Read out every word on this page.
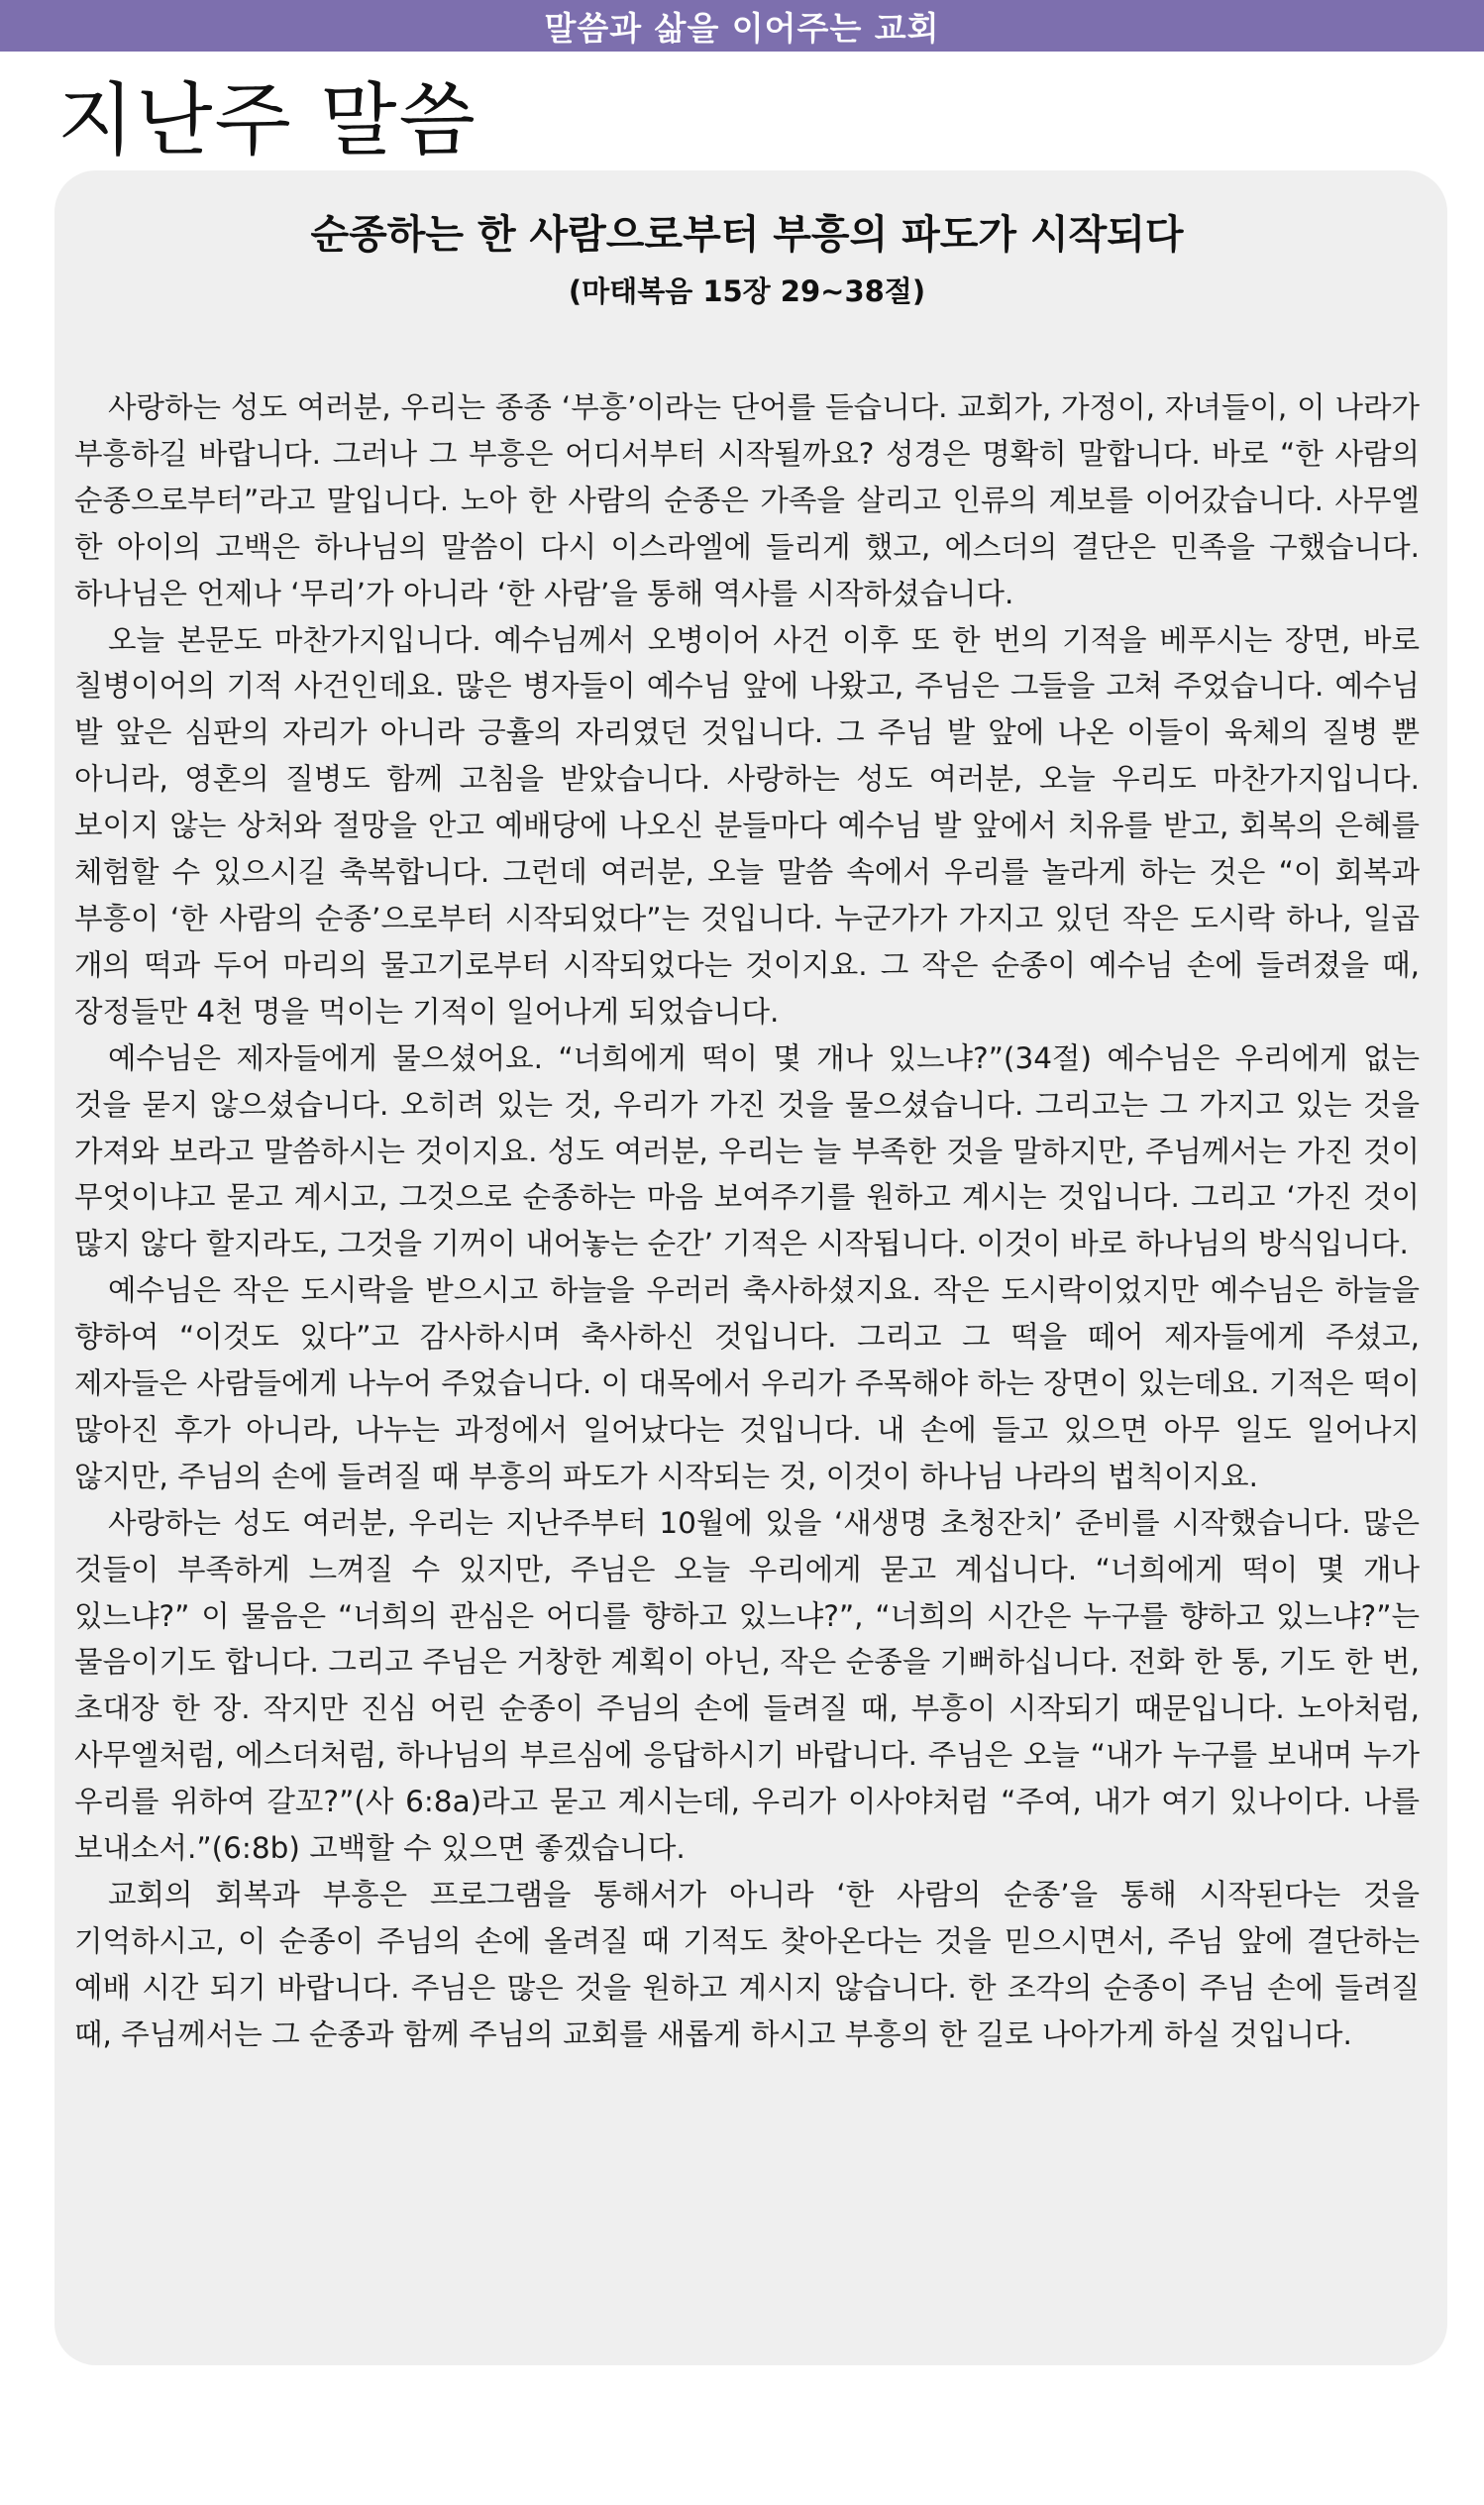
말씀과 삶을 이어주는 교회
지난주 말씀
순종하는 한 사람으로부터 부흥의 파도가 시작되다
(마태복음 15장 29~38절)

사랑하는 성도 여러분, 우리는 종종 ‘부흥’이라는 단어를 듣습니다. 교회가, 가정이, 자녀들이, 이 나라가 부흥하길 바랍니다. 그러나 그 부흥은 어디서부터 시작될까요? 성경은 명확히 말합니다. 바로 “한 사람의 순종으로부터”라고 말입니다. 노아 한 사람의 순종은 가족을 살리고 인류의 계보를 이어갔습니다. 사무엘 한 아이의 고백은 하나님의 말씀이 다시 이스라엘에 들리게 했고, 에스더의 결단은 민족을 구했습니다. 하나님은 언제나 ‘무리’가 아니라 ‘한 사람’을 통해 역사를 시작하셨습니다.

오늘 본문도 마찬가지입니다. 예수님께서 오병이어 사건 이후 또 한 번의 기적을 베푸시는 장면, 바로 칠병이어의 기적 사건인데요. 많은 병자들이 예수님 앞에 나왔고, 주님은 그들을 고쳐 주었습니다. 예수님 발 앞은 심판의 자리가 아니라 긍휼의 자리였던 것입니다. 그 주님 발 앞에 나온 이들이 육체의 질병 뿐 아니라, 영혼의 질병도 함께 고침을 받았습니다. 사랑하는 성도 여러분, 오늘 우리도 마찬가지입니다. 보이지 않는 상처와 절망을 안고 예배당에 나오신 분들마다 예수님 발 앞에서 치유를 받고, 회복의 은혜를 체험할 수 있으시길 축복합니다. 그런데 여러분, 오늘 말씀 속에서 우리를 놀라게 하는 것은 “이 회복과 부흥이 ‘한 사람의 순종’으로부터 시작되었다”는 것입니다. 누군가가 가지고 있던 작은 도시락 하나, 일곱 개의 떡과 두어 마리의 물고기로부터 시작되었다는 것이지요. 그 작은 순종이 예수님 손에 들려졌을 때, 장정들만 4천 명을 먹이는 기적이 일어나게 되었습니다.

예수님은 제자들에게 물으셨어요. “너희에게 떡이 몇 개나 있느냐?”(34절) 예수님은 우리에게 없는 것을 묻지 않으셨습니다. 오히려 있는 것, 우리가 가진 것을 물으셨습니다. 그리고는 그 가지고 있는 것을 가져와 보라고 말씀하시는 것이지요. 성도 여러분, 우리는 늘 부족한 것을 말하지만, 주님께서는 가진 것이 무엇이냐고 묻고 계시고, 그것으로 순종하는 마음 보여주기를 원하고 계시는 것입니다. 그리고 ‘가진 것이 많지 않다 할지라도, 그것을 기꺼이 내어놓는 순간’ 기적은 시작됩니다. 이것이 바로 하나님의 방식입니다.

예수님은 작은 도시락을 받으시고 하늘을 우러러 축사하셨지요. 작은 도시락이었지만 예수님은 하늘을 향하여 “이것도 있다”고 감사하시며 축사하신 것입니다. 그리고 그 떡을 떼어 제자들에게 주셨고, 제자들은 사람들에게 나누어 주었습니다. 이 대목에서 우리가 주목해야 하는 장면이 있는데요. 기적은 떡이 많아진 후가 아니라, 나누는 과정에서 일어났다는 것입니다. 내 손에 들고 있으면 아무 일도 일어나지 않지만, 주님의 손에 들려질 때 부흥의 파도가 시작되는 것, 이것이 하나님 나라의 법칙이지요.

사랑하는 성도 여러분, 우리는 지난주부터 10월에 있을 ‘새생명 초청잔치’ 준비를 시작했습니다. 많은 것들이 부족하게 느껴질 수 있지만, 주님은 오늘 우리에게 묻고 계십니다. “너희에게 떡이 몇 개나 있느냐?” 이 물음은 “너희의 관심은 어디를 향하고 있느냐?”, “너희의 시간은 누구를 향하고 있느냐?”는 물음이기도 합니다. 그리고 주님은 거창한 계획이 아닌, 작은 순종을 기뻐하십니다. 전화 한 통, 기도 한 번, 초대장 한 장. 작지만 진심 어린 순종이 주님의 손에 들려질 때, 부흥이 시작되기 때문입니다. 노아처럼, 사무엘처럼, 에스더처럼, 하나님의 부르심에 응답하시기 바랍니다. 주님은 오늘 “내가 누구를 보내며 누가 우리를 위하여 갈꼬?”(사 6:8a)라고 묻고 계시는데, 우리가 이사야처럼 “주여, 내가 여기 있나이다. 나를 보내소서.”(6:8b) 고백할 수 있으면 좋겠습니다.

교회의 회복과 부흥은 프로그램을 통해서가 아니라 ‘한 사람의 순종’을 통해 시작된다는 것을 기억하시고, 이 순종이 주님의 손에 올려질 때 기적도 찾아온다는 것을 믿으시면서, 주님 앞에 결단하는 예배 시간 되기 바랍니다. 주님은 많은 것을 원하고 계시지 않습니다. 한 조각의 순종이 주님 손에 들려질 때, 주님께서는 그 순종과 함께 주님의 교회를 새롭게 하시고 부흥의 한 길로 나아가게 하실 것입니다.
